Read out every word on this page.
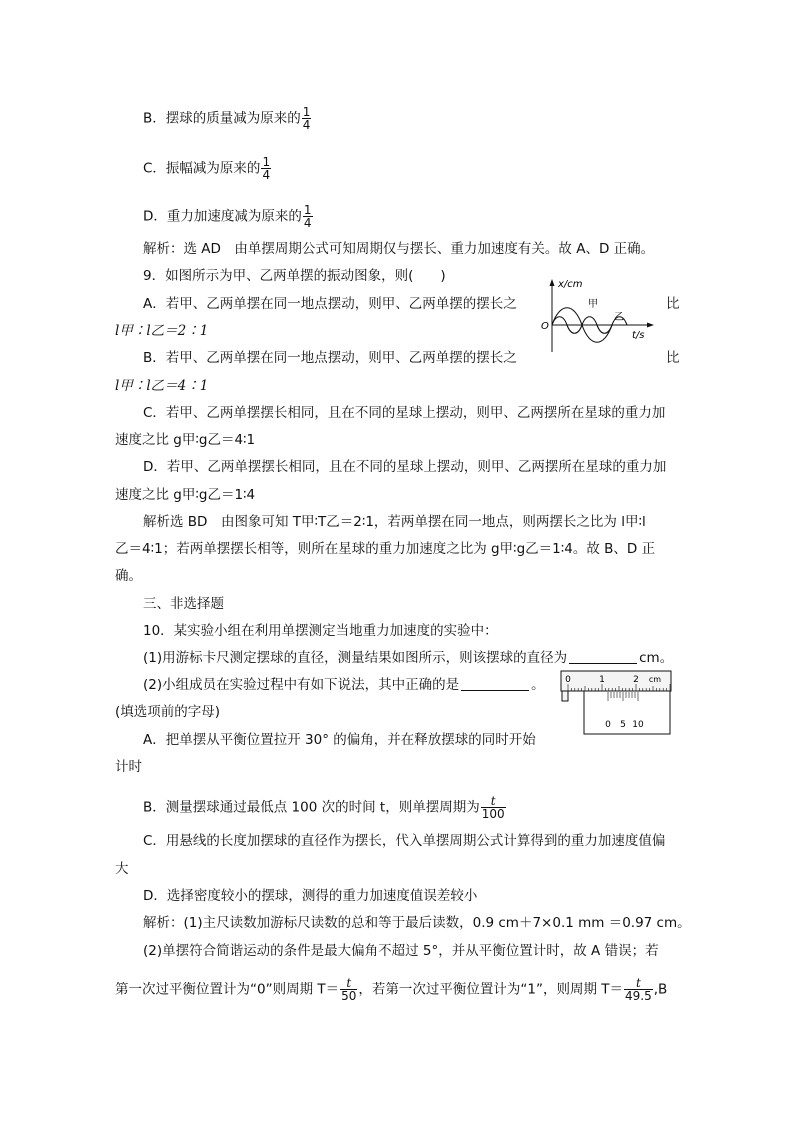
B．摆球的质量减为原来的 $\frac{1}{4}$
C．振幅减为原来的 $\frac{1}{4}$
D．重力加速度减为原来的 $\frac{1}{4}$
解析：选 AD　由单摆周期公式可知周期仅与摆长、重力加速度有关。故 A、D 正确。
9．如图所示为甲、乙两单摆的振动图象，则(　　)
A．若甲、乙两单摆在同一地点摆动，则甲、乙两单摆的摆长之	比
l甲∶l乙＝2∶1
B．若甲、乙两单摆在同一地点摆动，则甲、乙两单摆的摆长之	比
l甲∶l乙＝4∶1
C．若甲、乙两单摆摆长相同，且在不同的星球上摆动，则甲、乙两摆所在星球的重力加
速度之比 g甲∶g乙＝4∶1
D．若甲、乙两单摆摆长相同，且在不同的星球上摆动，则甲、乙两摆所在星球的重力加
速度之比 g甲∶g乙＝1∶4
解析选 BD　由图象可知 T甲∶T乙＝2∶1，若两单摆在同一地点，则两摆长之比为 l甲∶l
乙＝4∶1；若两单摆摆长相等，则所在星球的重力加速度之比为 g甲∶g乙＝1∶4。故 B、D 正
确。
x/cm
t/s
O
甲
乙
三、非选择题
10．某实验小组在利用单摆测定当地重力加速度的实验中：
(1)用游标卡尺测定摆球的直径，测量结果如图所示，则该摆球的直径为	cm。
(2)小组成员在实验过程中有如下说法，其中正确的是	。
(填选项前的字母)
0	1	2 cm
0 5 10
A．把单摆从平衡位置拉开 30° 的偏角，并在释放摆球的同时开始
计时
B．测量摆球通过最低点 100 次的时间 t，则单摆周期为 $\frac{t}{100}$
C．用悬线的长度加摆球的直径作为摆长，代入单摆周期公式计算得到的重力加速度值偏
大
D．选择密度较小的摆球，测得的重力加速度值误差较小
解析：(1)主尺读数加游标尺读数的总和等于最后读数，0.9 cm＋7×0.1 mm ＝0.97 cm。
(2)单摆符合简谐运动的条件是最大偏角不超过 5°，并从平衡位置计时，故 A 错误；若
第一次过平衡位置计为“0”则周期 $T= \frac{t}{50}$ ，若第一次过平衡位置计为“1”，则周期 $T= \frac{t}{49.5} ,B$
